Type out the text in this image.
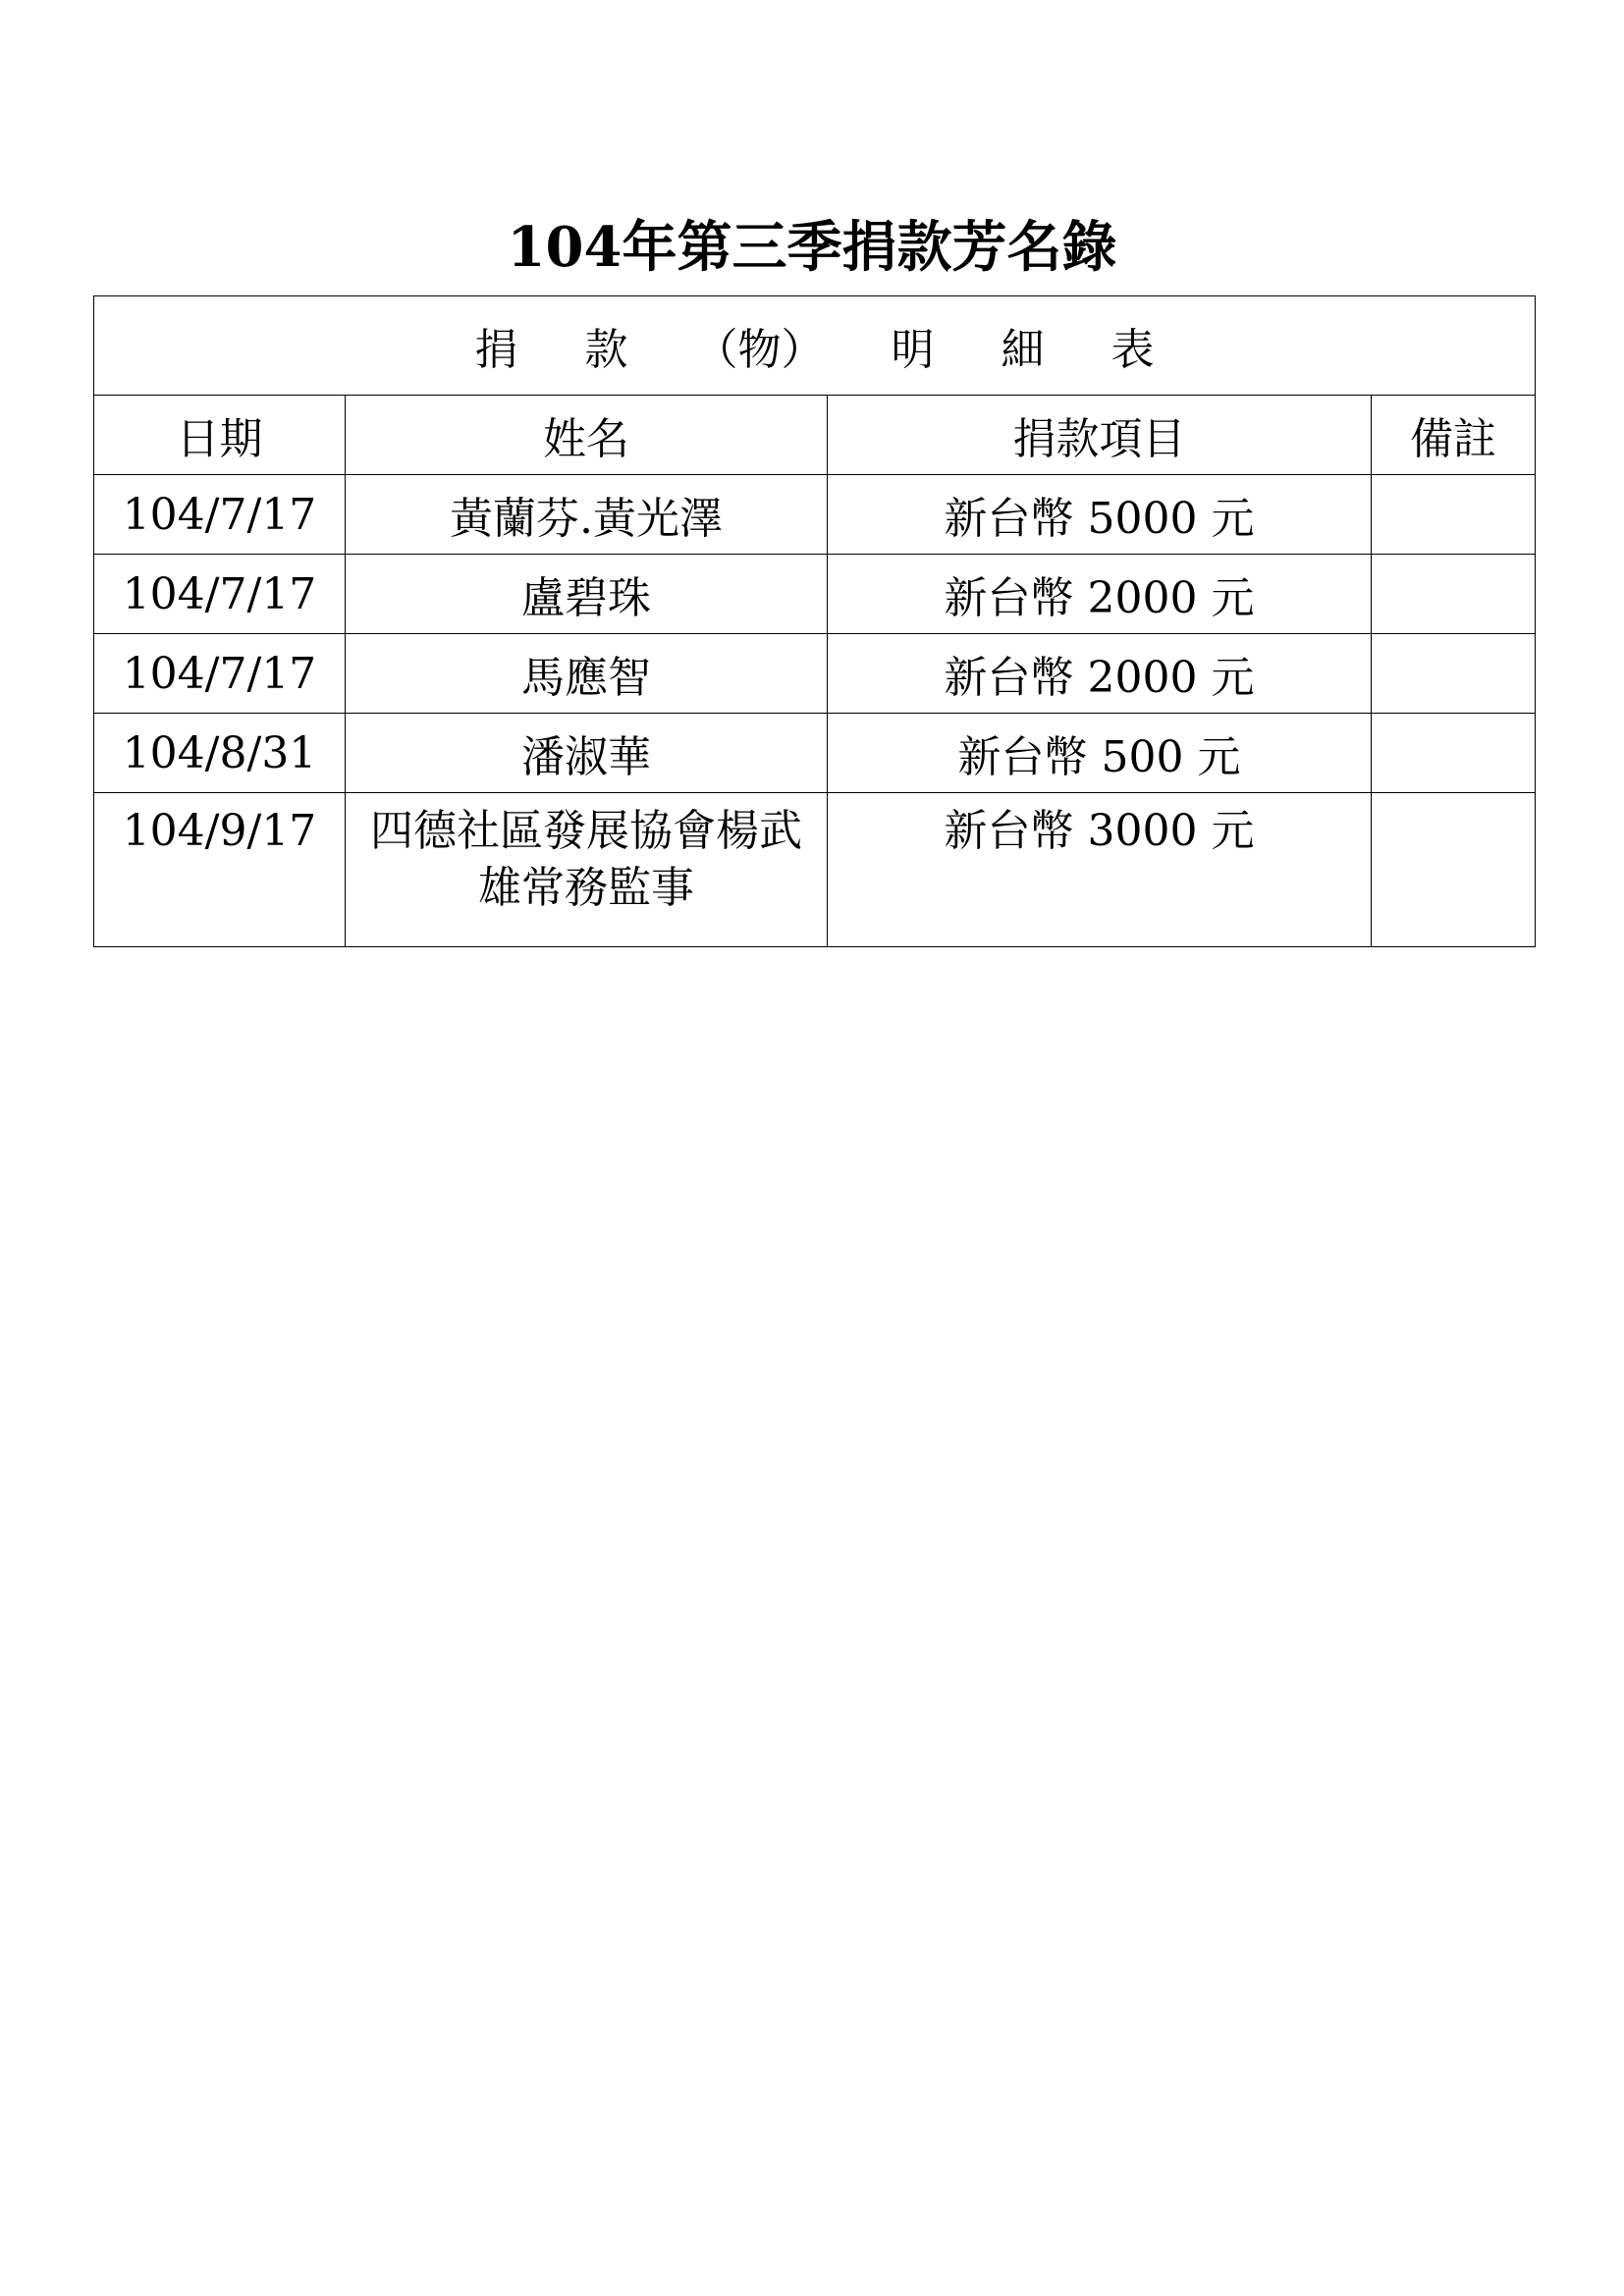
104年第三季捐款芳名錄
捐 款 （物） 明 細 表			
日期	姓名	捐款項目	備註
104/7/17	黃蘭芬.黃光澤	新台幣 5000 元	
104/7/17	盧碧珠	新台幣 2000 元	
104/7/17	馬應智	新台幣 2000 元	
104/8/31	潘淑華	新台幣 500 元	
104/9/17	四德社區發展協會楊武雄常務監事	新台幣 3000 元	
